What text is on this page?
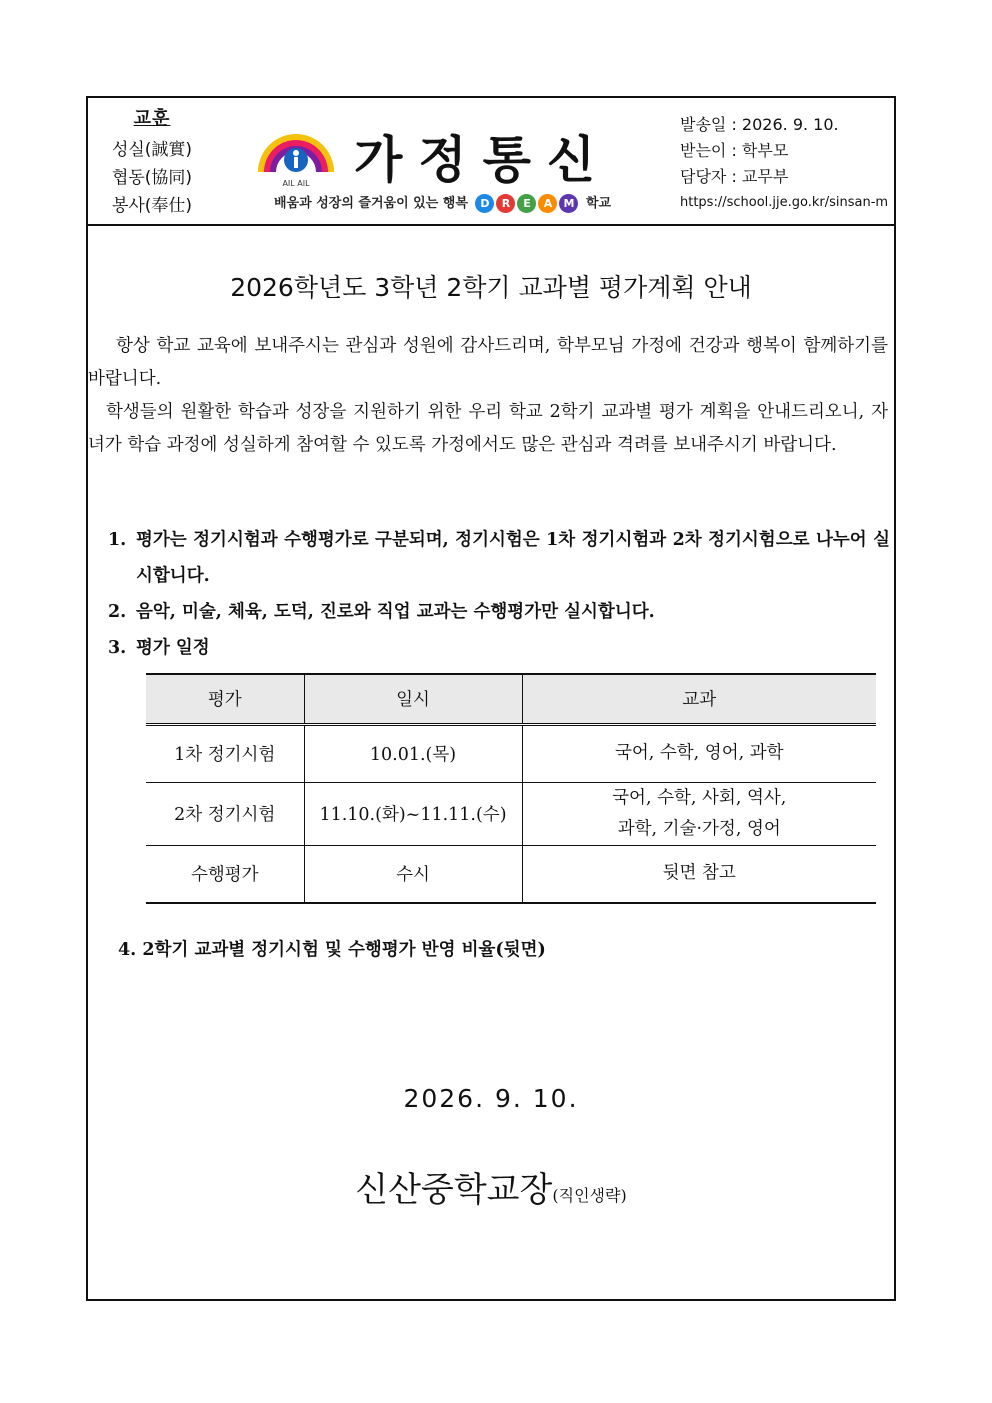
교훈
성실(誠實)
협동(協同)
봉사(奉仕)
AIL AIL 가정통신
배움과 성장의 즐거움이 있는 행복	D	R	E	A	M 학교
발송일 : 2026. 9. 10.
받는이 : 학부모
담당자 : 교무부
https://school.jje.go.kr/sinsan-m
2026학년도 3학년 2학기 교과별 평가계획 안내

항상 학교 교육에 보내주시는 관심과 성원에 감사드리며, 학부모님 가정에 건강과 행복이 함께하기를 바랍니다.

학생들의 원활한 학습과 성장을 지원하기 위한 우리 학교 2학기 교과별 평가 계획을 안내드리오니, 자녀가 학습 과정에 성실하게 참여할 수 있도록 가정에서도 많은 관심과 격려를 보내주시기 바랍니다.

1. 평가는 정기시험과 수행평가로 구분되며, 정기시험은 1차 정기시험과 2차 정기시험으로 나누어 실시합니다.
2. 음악, 미술, 체육, 도덕, 진로와 직업 교과는 수행평가만 실시합니다.
3. 평가 일정
평가	일시	교과
1차 정기시험	10.01.(목)	국어, 수학, 영어, 과학

2차 정기시험	11.10.(화)~11.11.(수)	국어, 수학, 사회, 역사,
과학, 기술·가정, 영어

수행평가	수시	뒷면 참고
4. 2학기 교과별 정기시험 및 수행평가 반영 비율(뒷면)
2026. 9. 10.
신산중학교장(직인생략)
